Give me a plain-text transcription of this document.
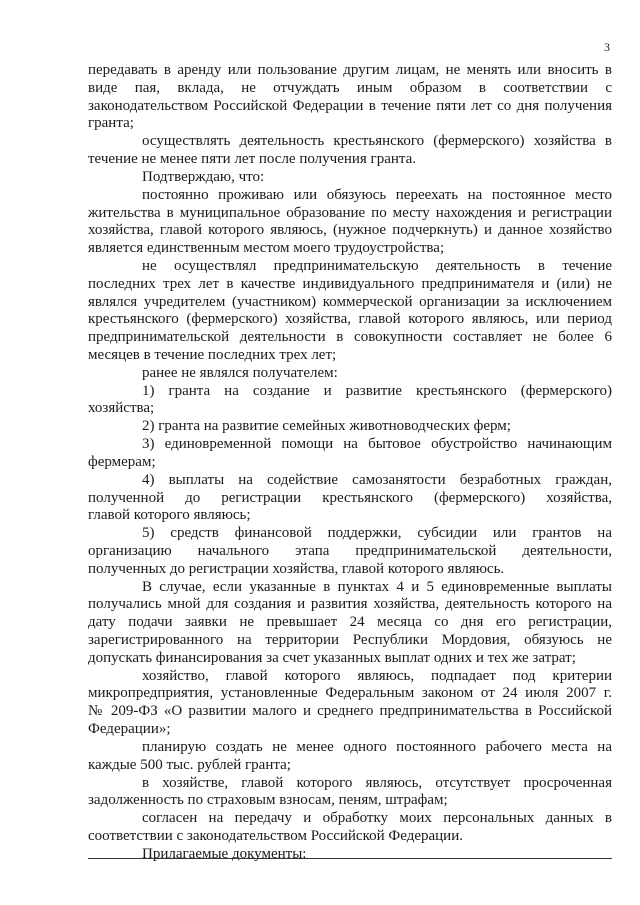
3
передавать в аренду или пользование другим лицам, не менять или вносить в
виде пая, вклада, не отчуждать иным образом в соответствии с
законодательством Российской Федерации в течение пяти лет со дня получения
гранта;
осуществлять деятельность крестьянского (фермерского) хозяйства в
течение не менее пяти лет после получения гранта.
Подтверждаю, что:
постоянно проживаю или обязуюсь переехать на постоянное место
жительства в муниципальное образование по месту нахождения и регистрации
хозяйства, главой которого являюсь, (нужное подчеркнуть) и данное хозяйство
является единственным местом моего трудоустройства;
не осуществлял предпринимательскую деятельность в течение
последних трех лет в качестве индивидуального предпринимателя и (или) не
являлся учредителем (участником) коммерческой организации за исключением
крестьянского (фермерского) хозяйства, главой которого являюсь, или период
предпринимательской деятельности в совокупности составляет не более 6
месяцев в течение последних трех лет;
ранее не являлся получателем:
1) гранта на создание и развитие крестьянского (фермерского)
хозяйства;
2) гранта на развитие семейных животноводческих ферм;
3) единовременной помощи на бытовое обустройство начинающим
фермерам;
4) выплаты на содействие самозанятости безработных граждан,
полученной до регистрации крестьянского (фермерского) хозяйства,
главой которого являюсь;
5) средств финансовой поддержки, субсидии или грантов на
организацию начального этапа предпринимательской деятельности,
полученных до регистрации хозяйства, главой которого являюсь.
В случае, если указанные в пунктах 4 и 5 единовременные выплаты
получались мной для создания и развития хозяйства, деятельность которого на
дату подачи заявки не превышает 24 месяца со дня его регистрации,
зарегистрированного на территории Республики Мордовия, обязуюсь не
допускать финансирования за счет указанных выплат одних и тех же затрат;
хозяйство, главой которого являюсь, подпадает под критерии
микропредприятия, установленные Федеральным законом от 24 июля 2007 г.
№ 209-ФЗ «О развитии малого и среднего предпринимательства в Российской
Федерации»;
планирую создать не менее одного постоянного рабочего места на
каждые 500 тыс. рублей гранта;
в хозяйстве, главой которого являюсь, отсутствует просроченная
задолженность по страховым взносам, пеням, штрафам;
согласен на передачу и обработку моих персональных данных в
соответствии с законодательством Российской Федерации.
Прилагаемые документы:
